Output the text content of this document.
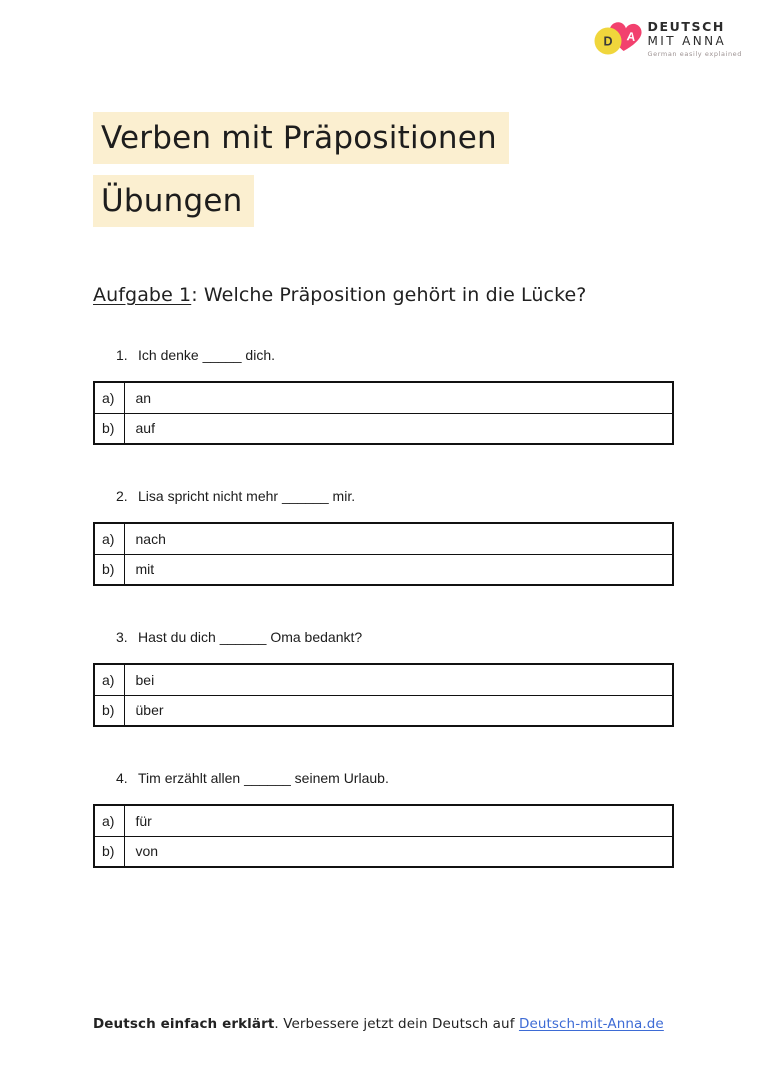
A
D
DEUTSCH
MIT ANNA
German easily explained
Verben mit Präpositionen
Übungen
Aufgabe 1: Welche Präposition gehört in die Lücke?
1. Ich denke _____ dich.
a)	an
b)	auf
2. Lisa spricht nicht mehr ______ mir.
a)	nach
b)	mit
3. Hast du dich ______ Oma bedankt?
a)	bei
b)	über
4. Tim erzählt allen ______ seinem Urlaub.
a)	für
b)	von
Deutsch einfach erklärt. Verbessere jetzt dein Deutsch auf Deutsch-mit-Anna.de
